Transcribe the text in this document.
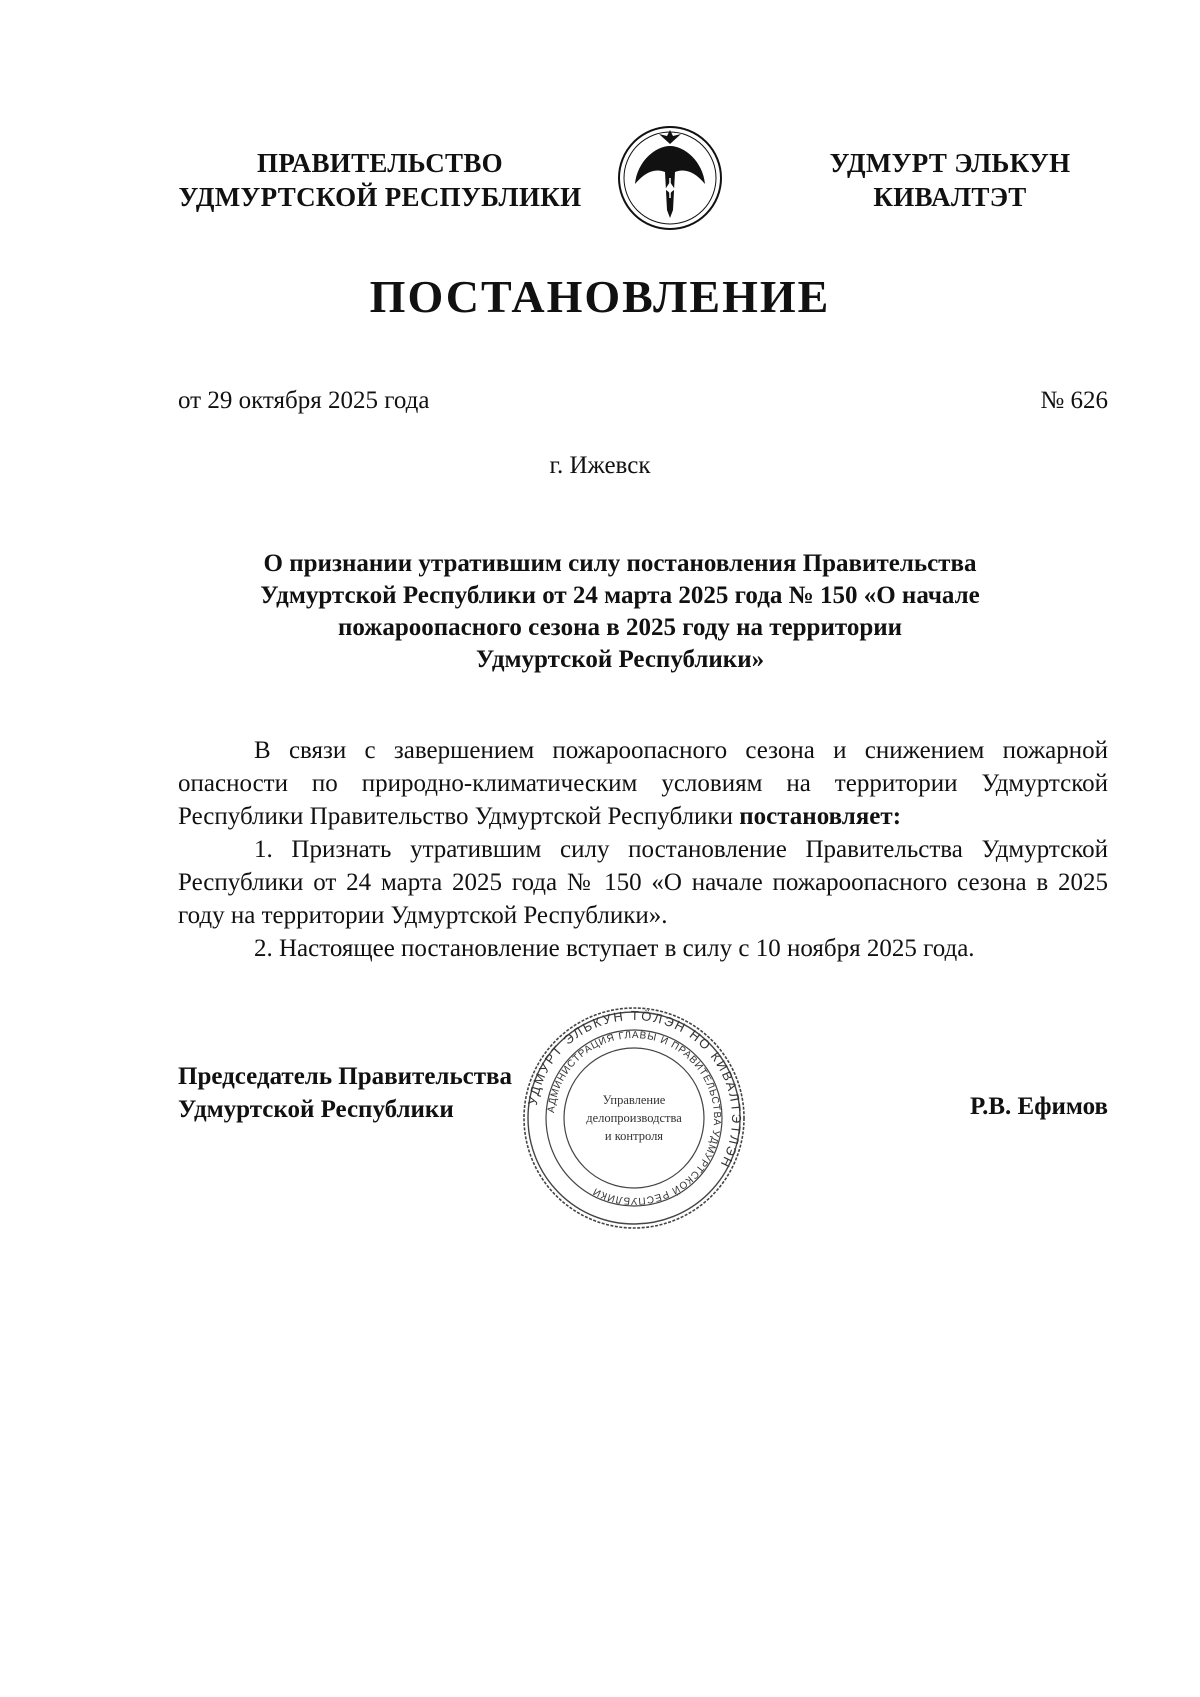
ПРАВИТЕЛЬСТВО
УДМУРТСКОЙ РЕСПУБЛИКИ
УДМУРТ ЭЛЬКУН
КИВАЛТЭТ
ПОСТАНОВЛЕНИЕ
от 29 октября 2025 года	№ 626
г. Ижевск
О признании утратившим силу постановления Правительства
Удмуртской Республики от 24 марта 2025 года № 150 «О начале
пожароопасного сезона в 2025 году на территории
Удмуртской Республики»

В связи с завершением пожароопасного сезона и снижением пожарной опасности по природно-климатическим условиям на территории Удмуртской Республики Правительство Удмуртской Республики постановляет:

1. Признать утратившим силу постановление Правительства Удмуртской Республики от 24 марта 2025 года № 150 «О начале пожароопасного сезона в 2025 году на территории Удмуртской Республики».

2. Настоящее постановление вступает в силу с 10 ноября 2025 года.

УДМУРТ ЭЛЬКУН ТӦЛЭН НО КИВАЛТЭТЛЭН
АДМИНИСТРАЦИЯ ГЛАВЫ И ПРАВИТЕЛЬСТВА УДМУРТСКОЙ РЕСПУБЛИКИ
Управление
делопроизводства
и контроля
Председатель Правительства
Удмуртской Республики	Р.В. Ефимов
